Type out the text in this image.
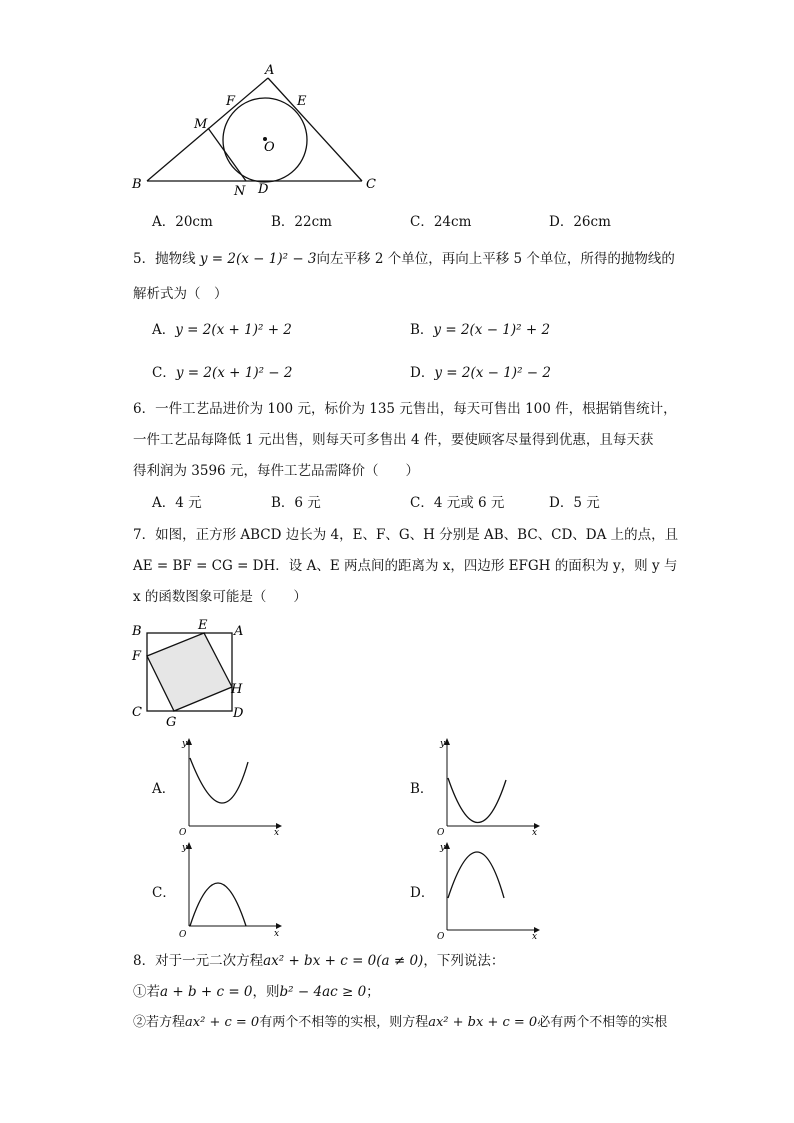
A
F	E
M
O
B	N D	C
A．20cm	B．22cm	C．24cm	D．26cm
5．抛物线 y = 2(x − 1)² − 3向左平移 2 个单位，再向上平移 5 个单位，所得的抛物线的
解析式为（　）
A．y = 2(x + 1)² + 2	B．y = 2(x − 1)² + 2
C．y = 2(x + 1)² − 2	D．y = 2(x − 1)² − 2
6．一件工艺品进价为 100 元，标价为 135 元售出，每天可售出 100 件，根据销售统计，
一件工艺品每降低 1 元出售，则每天可多售出 4 件，要使顾客尽量得到优惠，且每天获
得利润为 3596 元，每件工艺品需降价（　　）
A．4 元	B．6 元	C．4 元或 6 元	D．5 元
7．如图，正方形 ABCD 边长为 4，E、F、G、H 分别是 AB、BC、CD、DA 上的点，且
AE = BF = CG = DH．设 A、E 两点间的距离为 x，四边形 EFGH 的面积为 y，则 y 与
x 的函数图象可能是（　　）
B	E A
F
H
C
G
D
A．
y
x
O
B．
y
x
O
C．
y
x
O
D．
y
x
O
8．对于一元二次方程ax² + bx + c = 0(a ≠ 0)，下列说法：
①若a + b + c = 0，则b² − 4ac ≥ 0；
②若方程ax² + c = 0有两个不相等的实根，则方程ax² + bx + c = 0必有两个不相等的实根
